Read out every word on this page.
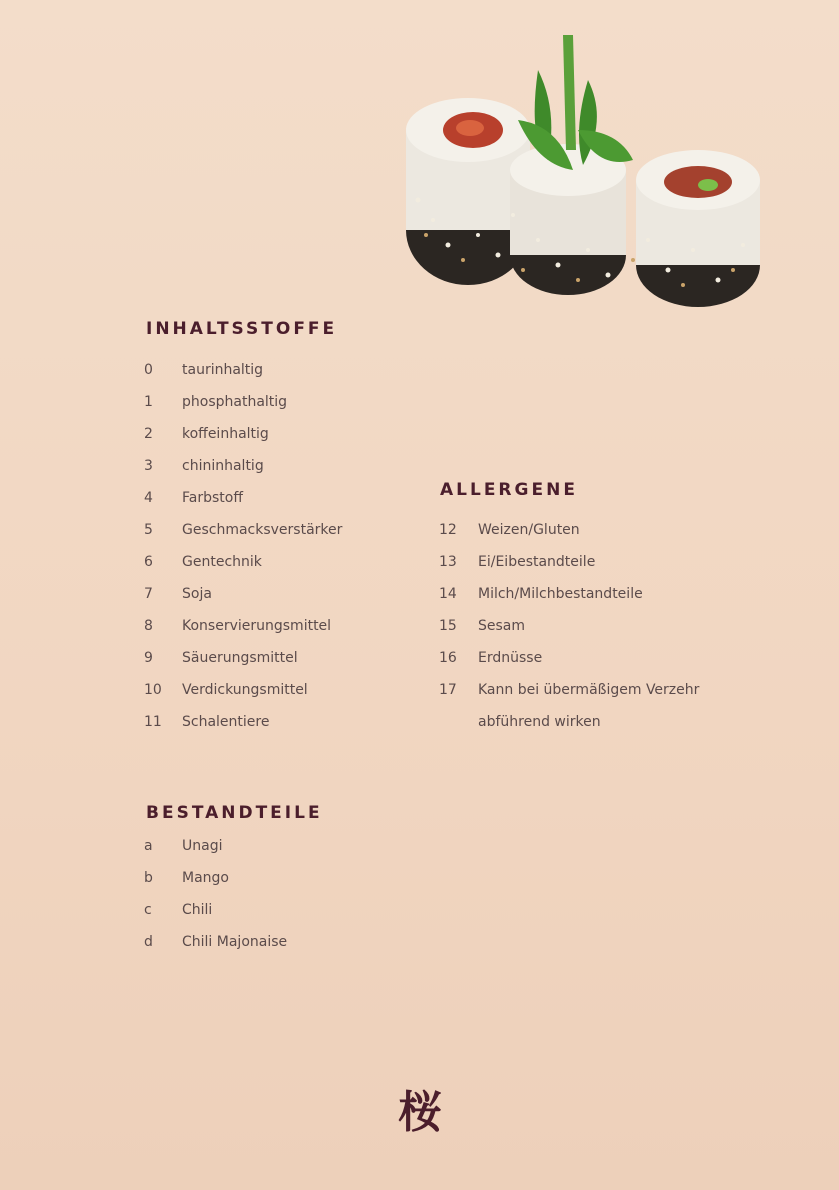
INHALTSSTOFFE
0 taurinhaltig
1 phosphathaltig
2 koffeinhaltig
3 chininhaltig
4 Farbstoff
5 Geschmacksverstärker
6 Gentechnik
7 Soja
8 Konservierungsmittel
9 Säuerungsmittel
10 Verdickungsmittel
11 Schalentiere
ALLERGENE
12 Weizen/Gluten
13 Ei/Eibestandteile
14 Milch/Milchbestandteile
15 Sesam
16 Erdnüsse
17 Kann bei übermäßigem Verzehr
abführend wirken
BESTANDTEILE
a Unagi
b Mango
c Chili
d Chili Majonaise
桜
